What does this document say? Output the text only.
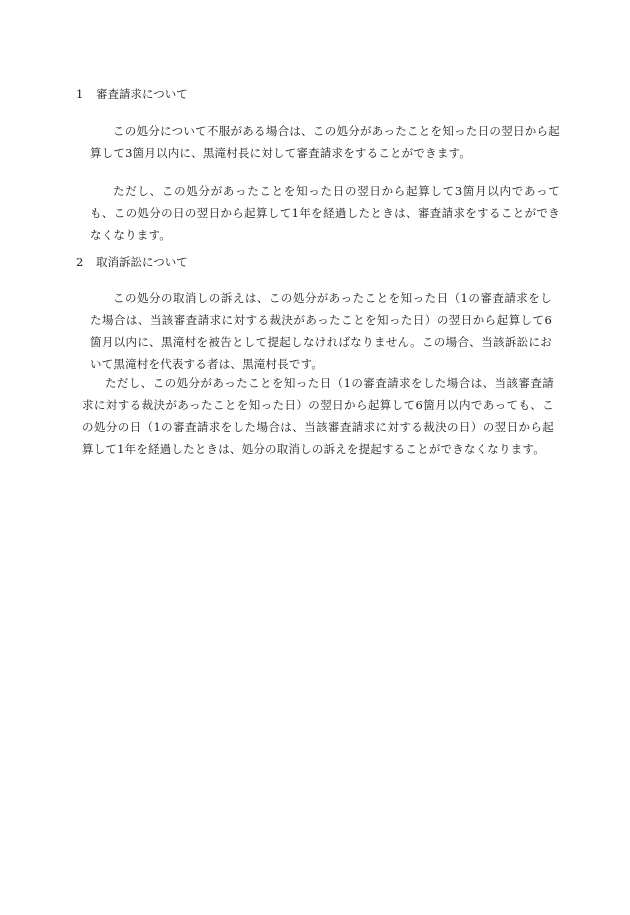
1 審査請求について
この処分について不服がある場合は、この処分があったことを知った日の翌日から起算して3箇月以内に、黒滝村長に対して審査請求をすることができます。
ただし、この処分があったことを知った日の翌日から起算して3箇月以内であっても、この処分の日の翌日から起算して1年を経過したときは、審査請求をすることができなくなります。
2 取消訴訟について
この処分の取消しの訴えは、この処分があったことを知った日（1の審査請求をした場合は、当該審査請求に対する裁決があったことを知った日）の翌日から起算して6箇月以内に、黒滝村を被告として提起しなければなりません。この場合、当該訴訟において黒滝村を代表する者は、黒滝村長です。
ただし、この処分があったことを知った日（1の審査請求をした場合は、当該審査請求に対する裁決があったことを知った日）の翌日から起算して6箇月以内であっても、この処分の日（1の審査請求をした場合は、当該審査請求に対する裁決の日）の翌日から起算して1年を経過したときは、処分の取消しの訴えを提起することができなくなります。
